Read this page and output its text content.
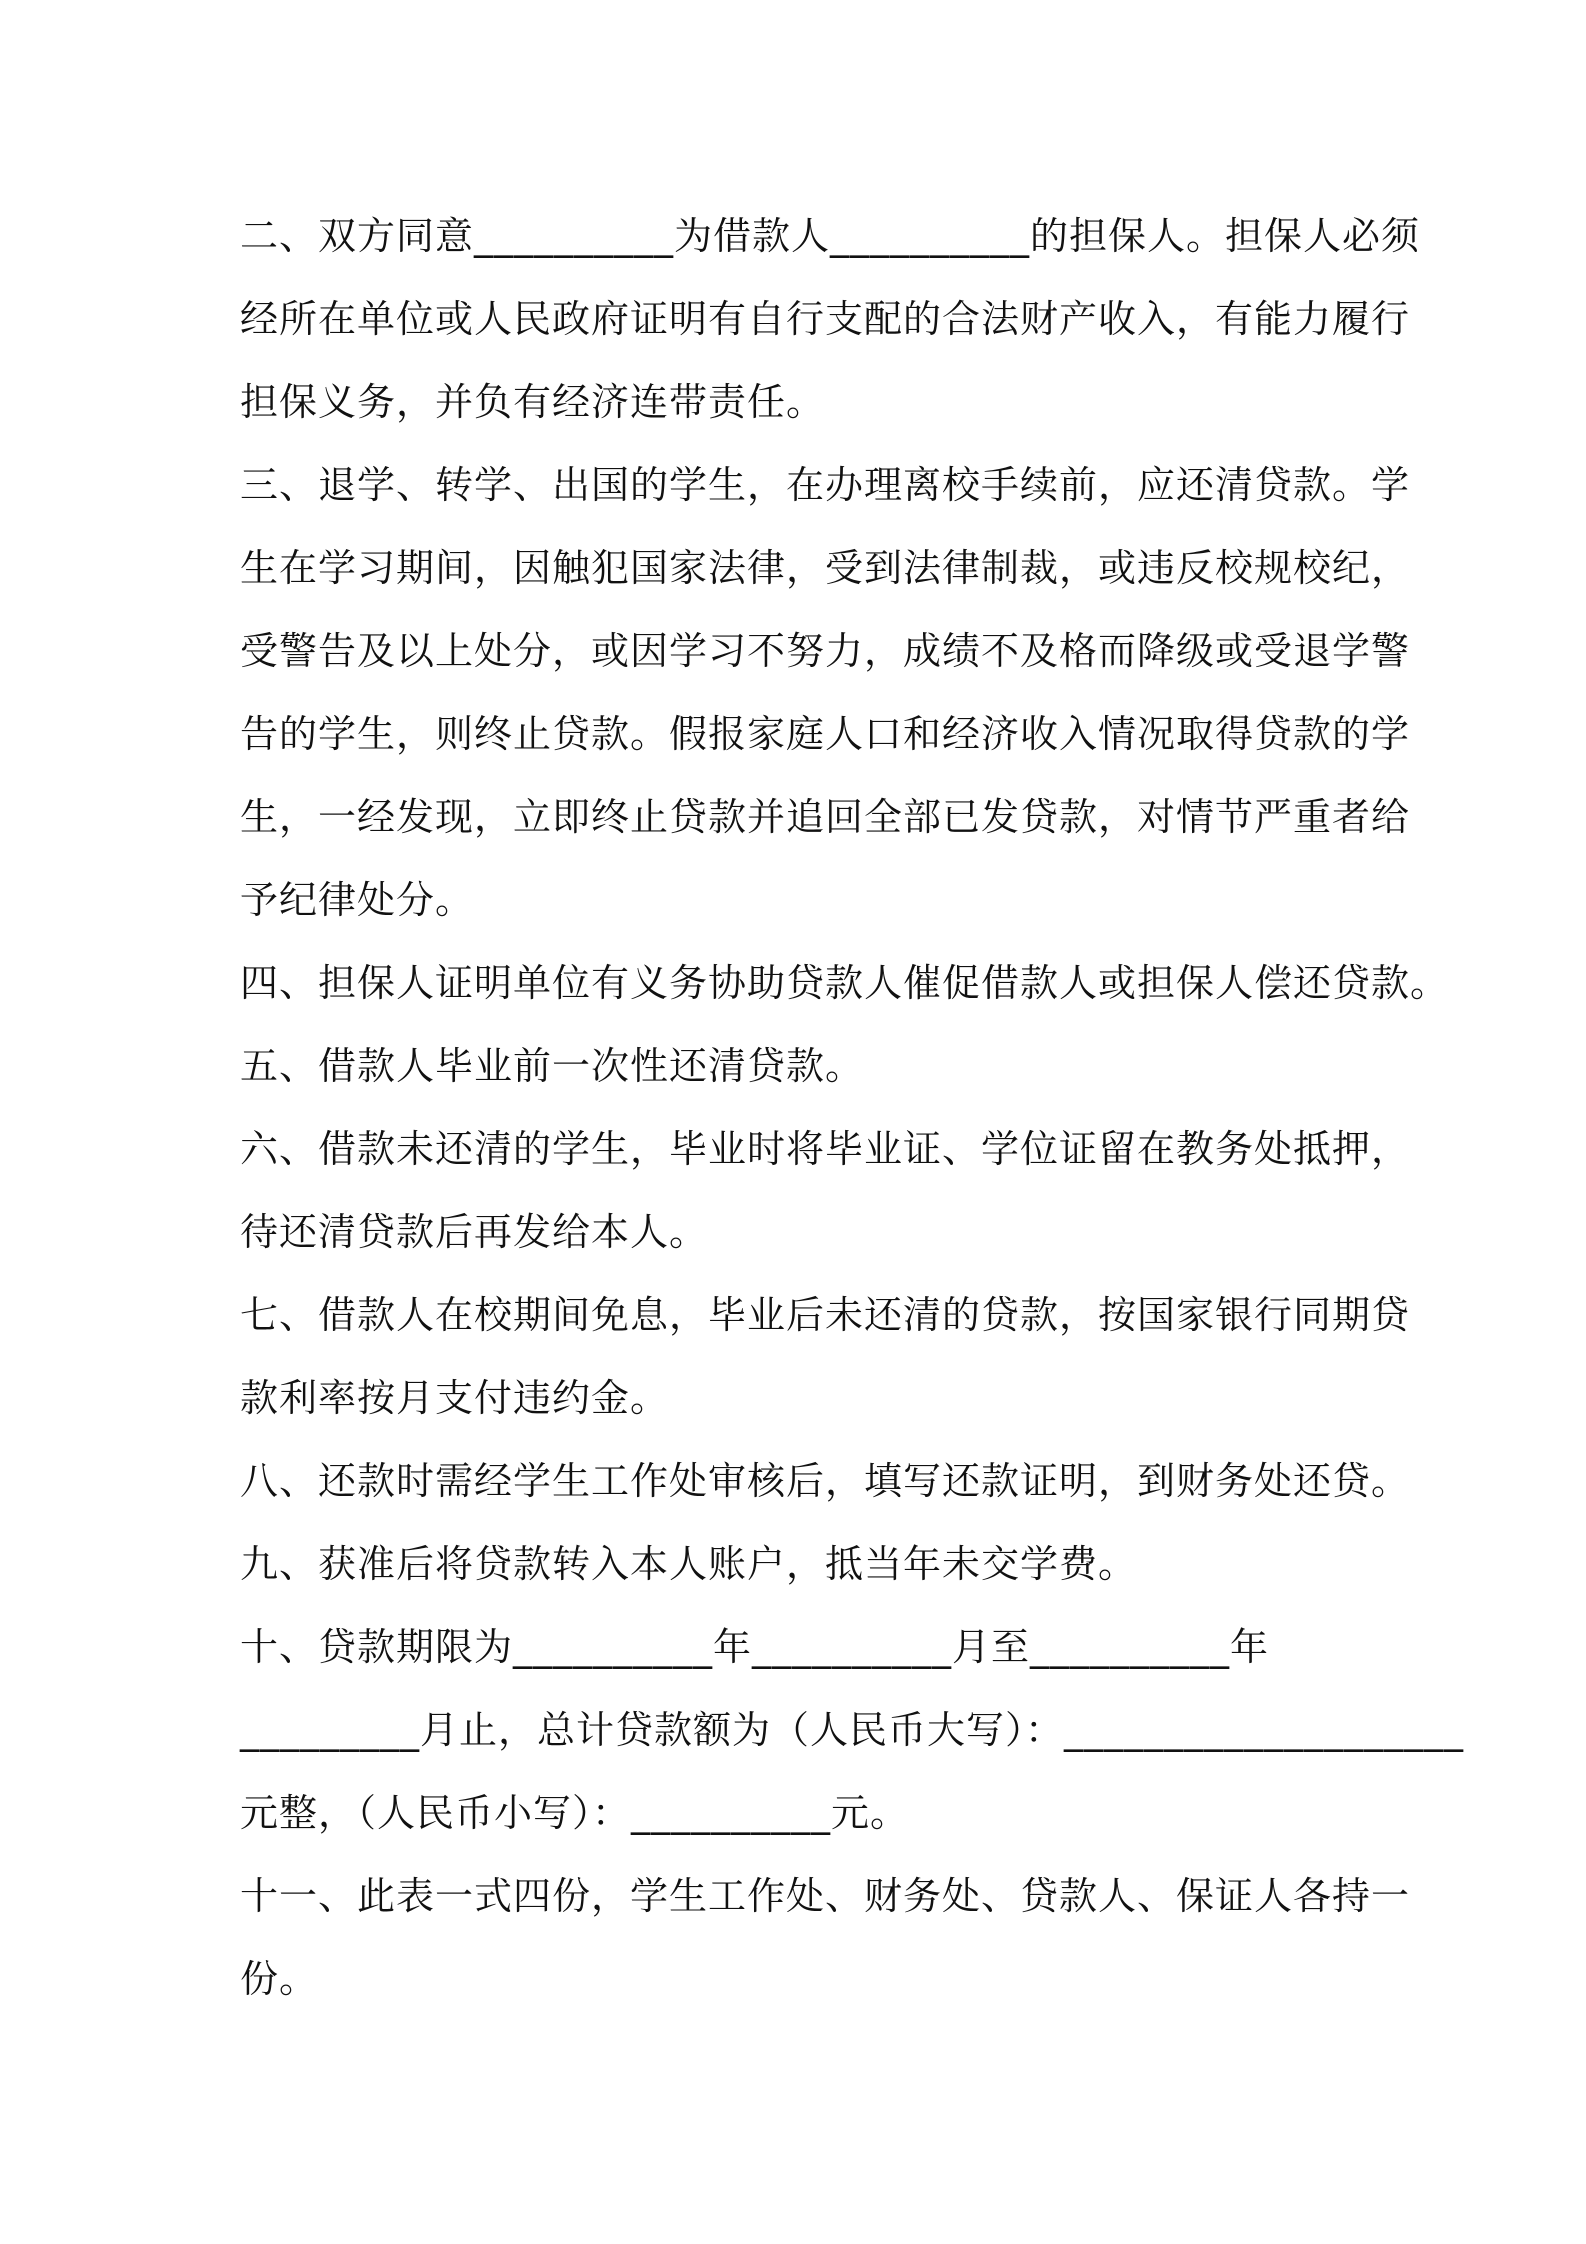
二、双方同意__________为借款人__________的担保人。担保人必须
经所在单位或人民政府证明有自行支配的合法财产收入，有能力履行
担保义务，并负有经济连带责任。
三、退学、转学、出国的学生，在办理离校手续前，应还清贷款。学
生在学习期间，因触犯国家法律，受到法律制裁，或违反校规校纪，
受警告及以上处分，或因学习不努力，成绩不及格而降级或受退学警
告的学生，则终止贷款。假报家庭人口和经济收入情况取得贷款的学
生，一经发现，立即终止贷款并追回全部已发贷款，对情节严重者给
予纪律处分。
四、担保人证明单位有义务协助贷款人催促借款人或担保人偿还贷款。
五、借款人毕业前一次性还清贷款。
六、借款未还清的学生，毕业时将毕业证、学位证留在教务处抵押，
待还清贷款后再发给本人。
七、借款人在校期间免息，毕业后未还清的贷款，按国家银行同期贷
款利率按月支付违约金。
八、还款时需经学生工作处审核后，填写还款证明，到财务处还贷。
九、获准后将贷款转入本人账户，抵当年未交学费。
十、贷款期限为__________年__________月至__________年
_________月止，总计贷款额为（人民币大写）：____________________
元整，（人民币小写）：__________元。
十一、此表一式四份，学生工作处、财务处、贷款人、保证人各持一
份。
